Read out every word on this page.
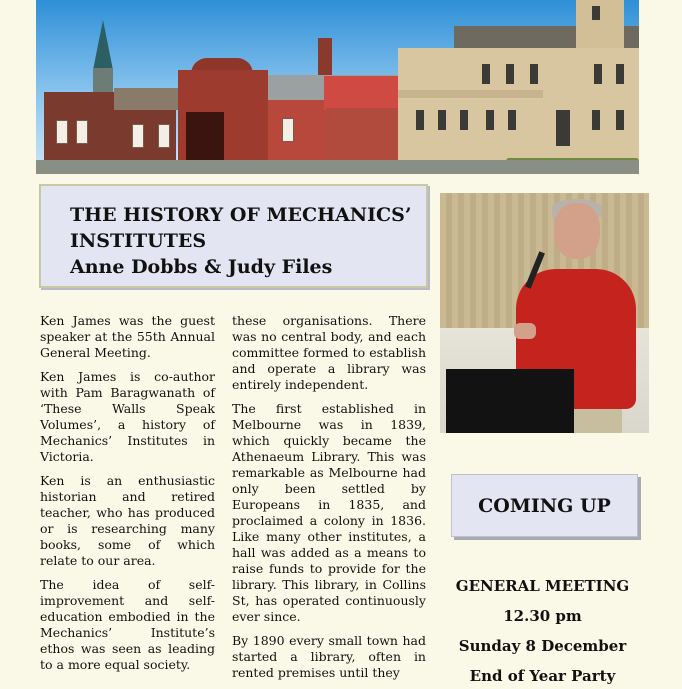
THE HISTORY OF MECHANICS’ INSTITUTES

Anne Dobbs & Judy Files

Ken James was the guest speaker at the 55th Annual General Meeting.

Ken James is co-author with Pam Baragwanath of ‘These Walls Speak Volumes’, a history of Mechanics’ Institutes in Victoria.

Ken is an enthusiastic historian and retired teacher, who has produced or is researching many books, some of which relate to our area.

The idea of self-improvement and self-education embodied in the Mechanics’ Institute’s ethos was seen as leading to a more equal society.

these organisations. There was no central body, and each committee formed to establish and operate a library was entirely independent.

The first established in Melbourne was in 1839, which quickly became the Athenaeum Library. This was remarkable as Melbourne had only been settled by Europeans in 1835, and proclaimed a colony in 1836. Like many other institutes, a hall was added as a means to raise funds to provide for the library. This library, in Collins St, has operated continuously ever since.

By 1890 every small town had started a library, often in rented premises until they

COMING UP
GENERAL MEETING
12.30 pm
Sunday 8 December
End of Year Party
